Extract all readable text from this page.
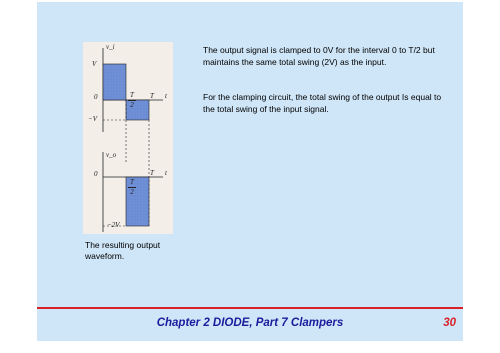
v_i
V
0
−V
T
2
T t
v_o
0
T
2
T t
−2V
The resulting output waveform.
The output signal is clamped to 0V for the interval 0 to T/2 but maintains the same total swing (2V) as the input.
For the clamping circuit, the total swing of the output Is equal to the total swing of the input signal.
Chapter 2 DIODE, Part 7 Clampers	30
